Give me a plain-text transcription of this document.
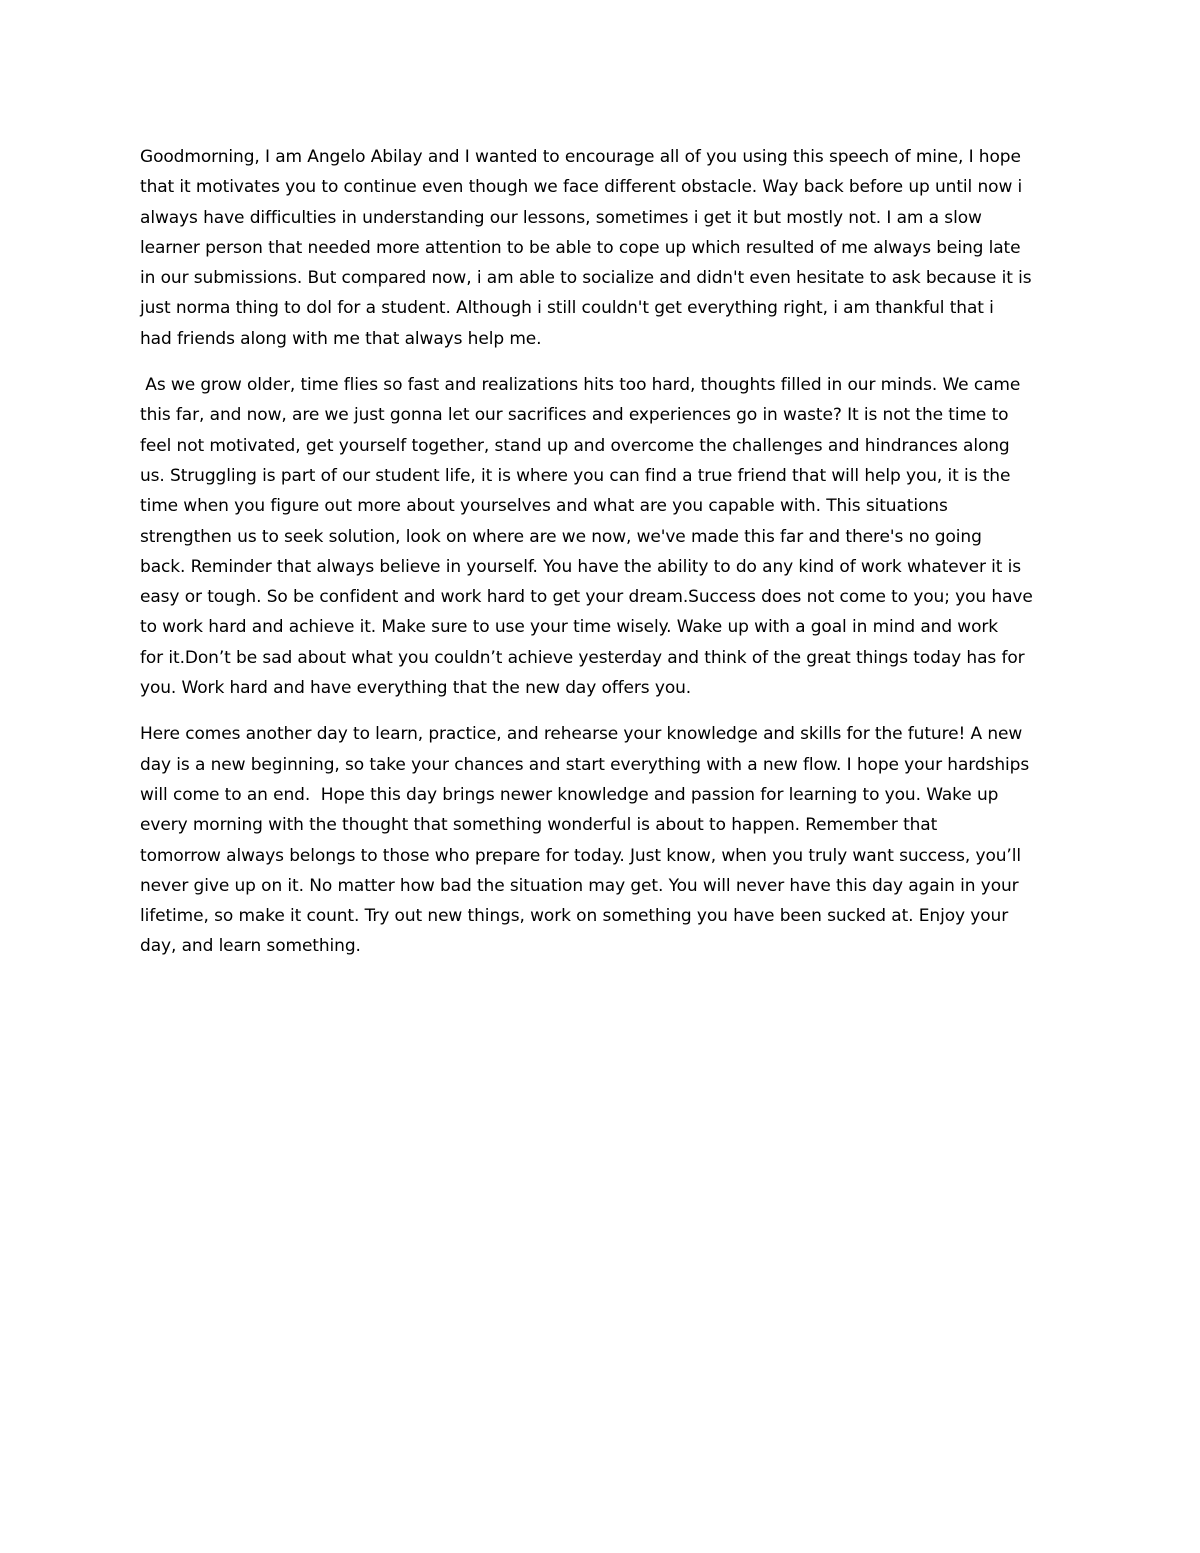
Goodmorning, I am Angelo Abilay and I wanted to encourage all of you using this speech of mine, I hope
that it motivates you to continue even though we face different obstacle. Way back before up until now i
always have difficulties in understanding our lessons, sometimes i get it but mostly not. I am a slow
learner person that needed more attention to be able to cope up which resulted of me always being late
in our submissions. But compared now, i am able to socialize and didn't even hesitate to ask because it is
just norma thing to dol for a student. Although i still couldn't get everything right, i am thankful that i
had friends along with me that always help me.

As we grow older, time flies so fast and realizations hits too hard, thoughts filled in our minds. We came
this far, and now, are we just gonna let our sacrifices and experiences go in waste? It is not the time to
feel not motivated, get yourself together, stand up and overcome the challenges and hindrances along
us. Struggling is part of our student life, it is where you can find a true friend that will help you, it is the
time when you figure out more about yourselves and what are you capable with. This situations
strengthen us to seek solution, look on where are we now, we've made this far and there's no going
back. Reminder that always believe in yourself. You have the ability to do any kind of work whatever it is
easy or tough. So be confident and work hard to get your dream.Success does not come to you; you have
to work hard and achieve it. Make sure to use your time wisely. Wake up with a goal in mind and work
for it.Don’t be sad about what you couldn’t achieve yesterday and think of the great things today has for
you. Work hard and have everything that the new day offers you.

Here comes another day to learn, practice, and rehearse your knowledge and skills for the future! A new
day is a new beginning, so take your chances and start everything with a new flow. I hope your hardships
will come to an end.  Hope this day brings newer knowledge and passion for learning to you. Wake up
every morning with the thought that something wonderful is about to happen. Remember that
tomorrow always belongs to those who prepare for today. Just know, when you truly want success, you’ll
never give up on it. No matter how bad the situation may get. You will never have this day again in your
lifetime, so make it count. Try out new things, work on something you have been sucked at. Enjoy your
day, and learn something.
